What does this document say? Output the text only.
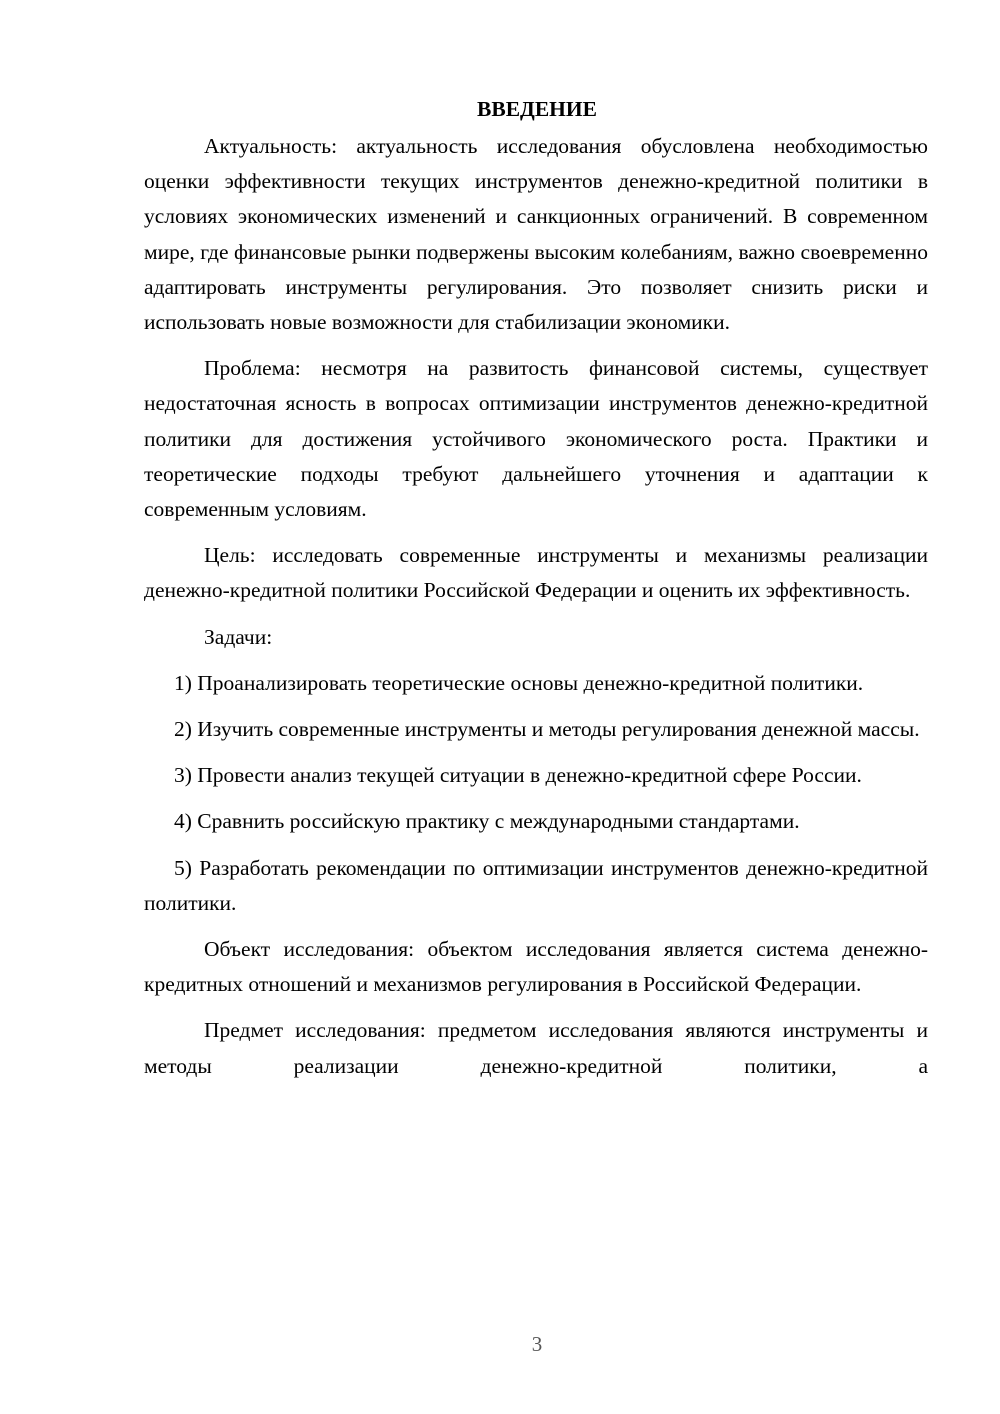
ВВЕДЕНИЕ

Актуальность: актуальность исследования обусловлена необходимостью оценки эффективности текущих инструментов денежно-кредитной политики в условиях экономических изменений и санкционных ограничений. В современном мире, где финансовые рынки подвержены высоким колебаниям, важно своевременно адаптировать инструменты регулирования. Это позволяет снизить риски и использовать новые возможности для стабилизации экономики.

Проблема: несмотря на развитость финансовой системы, существует недостаточная ясность в вопросах оптимизации инструментов денежно-кредитной политики для достижения устойчивого экономического роста. Практики и теоретические подходы требуют дальнейшего уточнения и адаптации к современным условиям.

Цель: исследовать современные инструменты и механизмы реализации денежно-кредитной политики Российской Федерации и оценить их эффективность.

Задачи:

1) Проанализировать теоретические основы денежно-кредитной политики.

2) Изучить современные инструменты и методы регулирования денежной массы.

3) Провести анализ текущей ситуации в денежно-кредитной сфере России.

4) Сравнить российскую практику с международными стандартами.

5) Разработать рекомендации по оптимизации инструментов денежно-кредитной политики.

Объект исследования: объектом исследования является система денежно-кредитных отношений и механизмов регулирования в Российской Федерации.

Предмет исследования: предметом исследования являются инструменты и методы реализации денежно-кредитной политики, а

3
